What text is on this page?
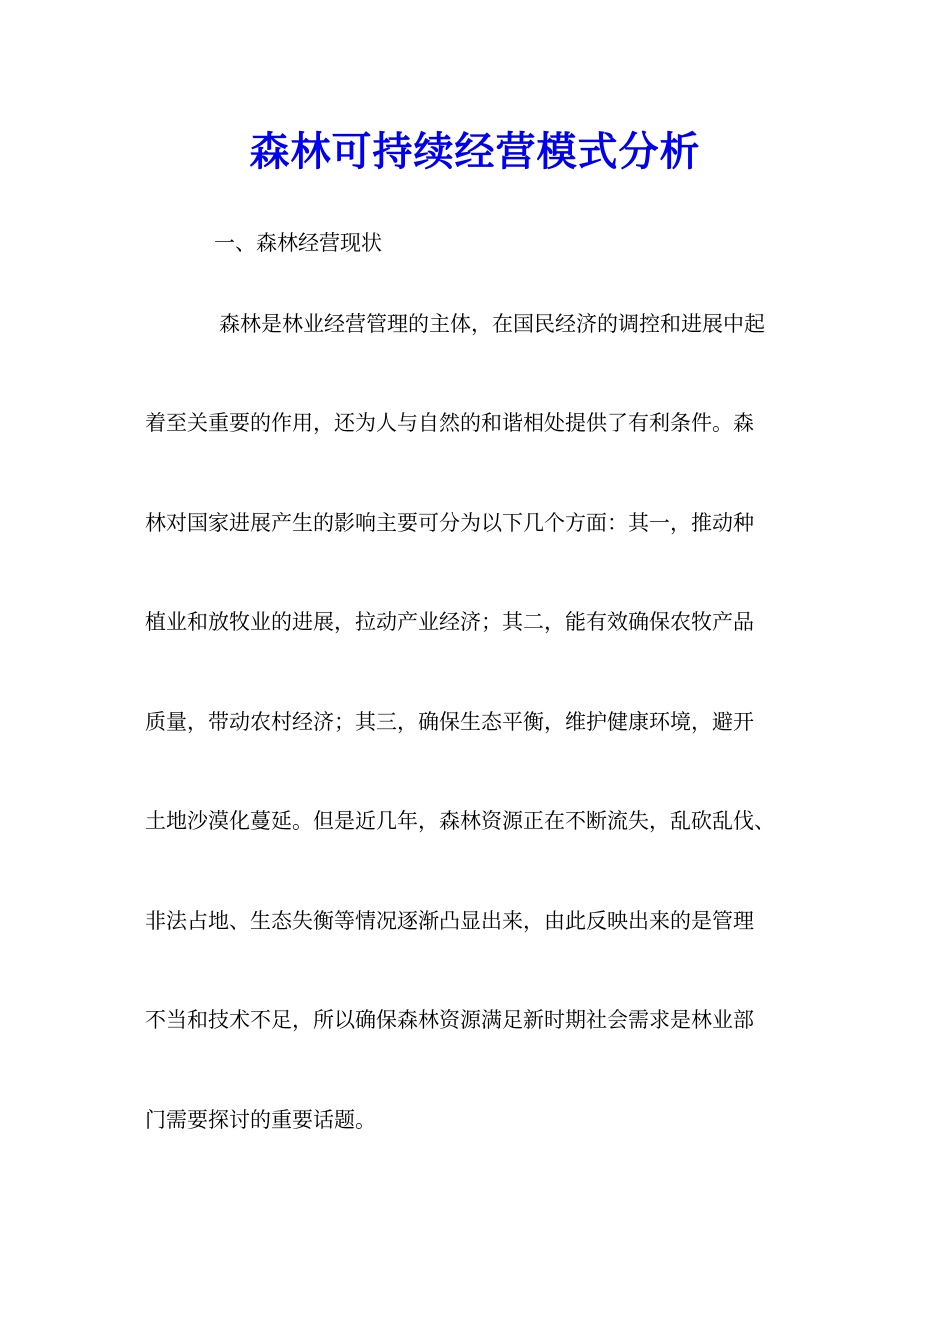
森林可持续经营模式分析

一、森林经营现状

森林是林业经营管理的主体，在国民经济的调控和进展中起

着至关重要的作用，还为人与自然的和谐相处提供了有利条件。森

林对国家进展产生的影响主要可分为以下几个方面：其一，推动种

植业和放牧业的进展，拉动产业经济；其二，能有效确保农牧产品

质量，带动农村经济；其三，确保生态平衡，维护健康环境，避开

土地沙漠化蔓延。但是近几年，森林资源正在不断流失，乱砍乱伐、

非法占地、生态失衡等情况逐渐凸显出来，由此反映出来的是管理

不当和技术不足，所以确保森林资源满足新时期社会需求是林业部

门需要探讨的重要话题。
